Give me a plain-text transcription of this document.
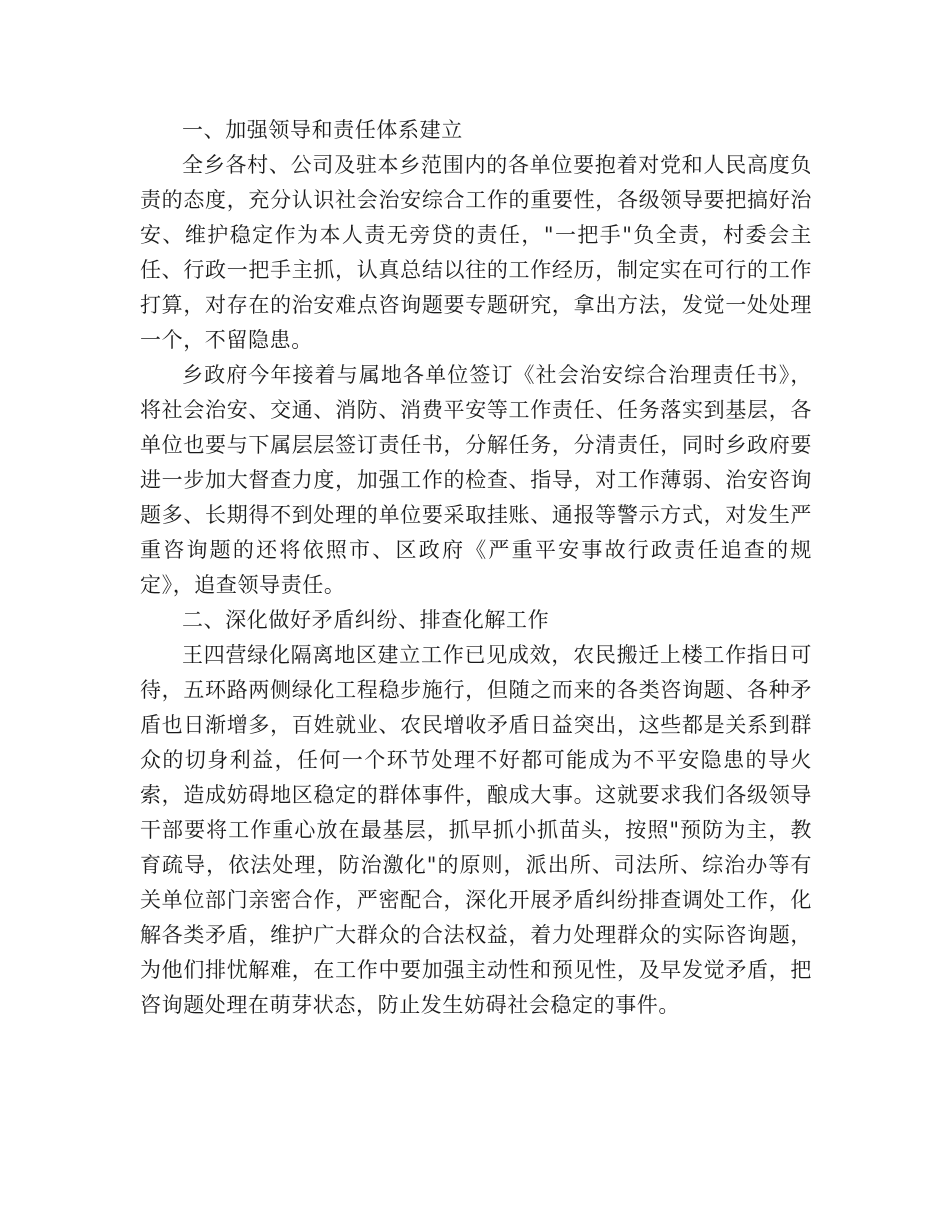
一、加强领导和责任体系建立

全乡各村、公司及驻本乡范围内的各单位要抱着对党和人民高度负责的态度，充分认识社会治安综合工作的重要性，各级领导要把搞好治安、维护稳定作为本人责无旁贷的责任，"一把手"负全责，村委会主任、行政一把手主抓，认真总结以往的工作经历，制定实在可行的工作打算，对存在的治安难点咨询题要专题研究，拿出方法，发觉一处处理一个，不留隐患。

乡政府今年接着与属地各单位签订《社会治安综合治理责任书》，将社会治安、交通、消防、消费平安等工作责任、任务落实到基层，各单位也要与下属层层签订责任书，分解任务，分清责任，同时乡政府要进一步加大督查力度，加强工作的检查、指导，对工作薄弱、治安咨询题多、长期得不到处理的单位要采取挂账、通报等警示方式，对发生严重咨询题的还将依照市、区政府《严重平安事故行政责任追查的规定》，追查领导责任。

二、深化做好矛盾纠纷、排查化解工作

王四营绿化隔离地区建立工作已见成效，农民搬迁上楼工作指日可待，五环路两侧绿化工程稳步施行，但随之而来的各类咨询题、各种矛盾也日渐增多，百姓就业、农民增收矛盾日益突出，这些都是关系到群众的切身利益，任何一个环节处理不好都可能成为不平安隐患的导火索，造成妨碍地区稳定的群体事件，酿成大事。这就要求我们各级领导干部要将工作重心放在最基层，抓早抓小抓苗头，按照"预防为主，教育疏导，依法处理，防治激化"的原则，派出所、司法所、综治办等有关单位部门亲密合作，严密配合，深化开展矛盾纠纷排查调处工作，化解各类矛盾，维护广大群众的合法权益，着力处理群众的实际咨询题，为他们排忧解难，在工作中要加强主动性和预见性，及早发觉矛盾，把咨询题处理在萌芽状态，防止发生妨碍社会稳定的事件。
